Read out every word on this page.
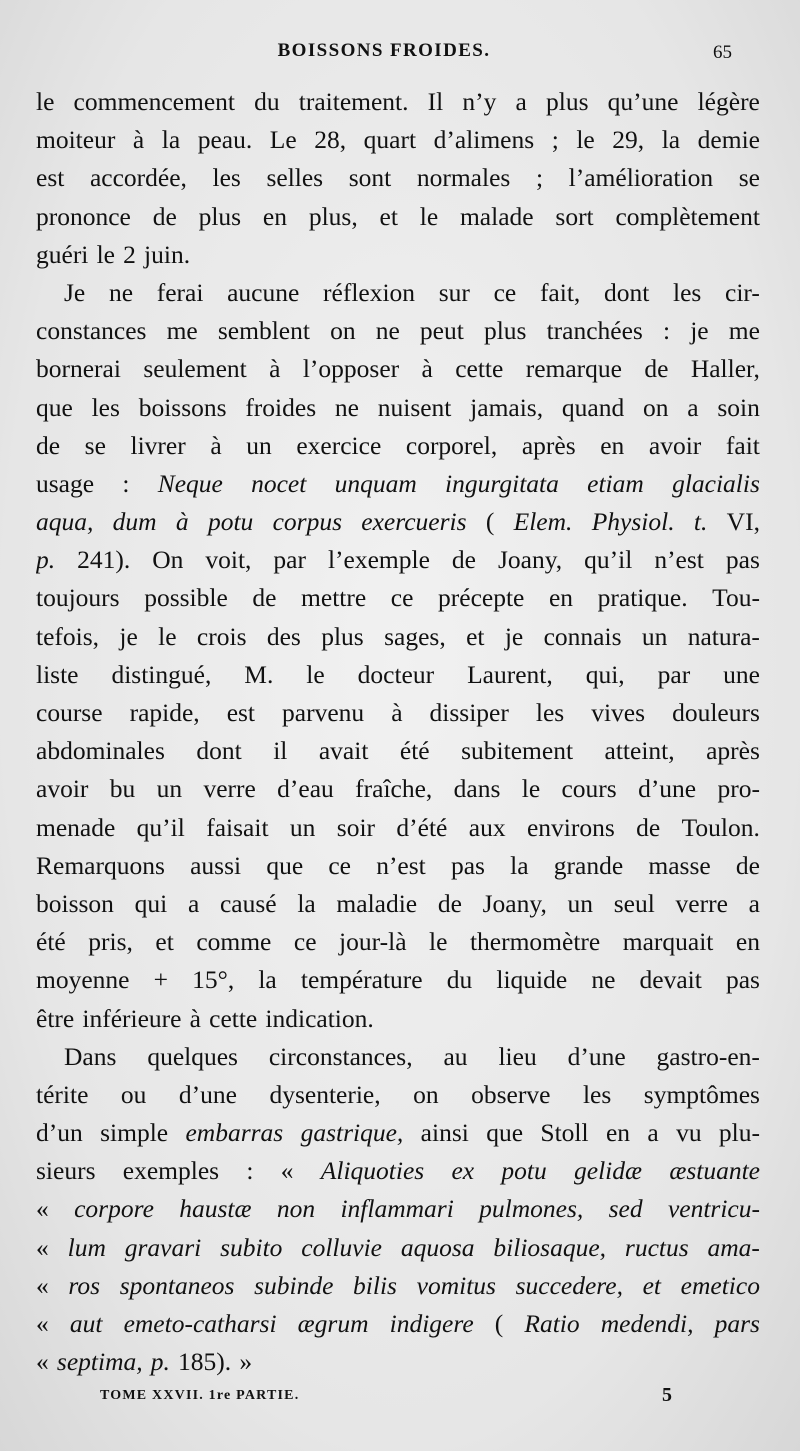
BOISSONS FROIDES.	65
le commencement du traitement. Il n’y a plus qu’une légère
moiteur à la peau. Le 28, quart d’alimens ; le 29, la demie
est accordée, les selles sont normales ; l’amélioration se
prononce de plus en plus, et le malade sort complètement
guéri le 2 juin.
Je ne ferai aucune réflexion sur ce fait, dont les cir-
constances me semblent on ne peut plus tranchées : je me
bornerai seulement à l’opposer à cette remarque de Haller,
que les boissons froides ne nuisent jamais, quand on a soin
de se livrer à un exercice corporel, après en avoir fait
usage : Neque nocet unquam ingurgitata etiam glacialis
aqua, dum à potu corpus exercueris ( Elem. Physiol. t. VI,
p. 241). On voit, par l’exemple de Joany, qu’il n’est pas
toujours possible de mettre ce précepte en pratique. Tou-
tefois, je le crois des plus sages, et je connais un natura-
liste distingué, M. le docteur Laurent, qui, par une
course rapide, est parvenu à dissiper les vives douleurs
abdominales dont il avait été subitement atteint, après
avoir bu un verre d’eau fraîche, dans le cours d’une pro-
menade qu’il faisait un soir d’été aux environs de Toulon.
Remarquons aussi que ce n’est pas la grande masse de
boisson qui a causé la maladie de Joany, un seul verre a
été pris, et comme ce jour-là le thermomètre marquait en
moyenne + 15°, la température du liquide ne devait pas
être inférieure à cette indication.
Dans quelques circonstances, au lieu d’une gastro-en-
térite ou d’une dysenterie, on observe les symptômes
d’un simple embarras gastrique, ainsi que Stoll en a vu plu-
sieurs exemples : « Aliquoties ex potu gelidæ æstuante
« corpore haustæ non inflammari pulmones, sed ventricu-
« lum gravari subito colluvie aquosa biliosaque, ructus ama-
« ros spontaneos subinde bilis vomitus succedere, et emetico
« aut emeto-catharsi ægrum indigere ( Ratio medendi, pars
« septima, p. 185). »
TOME XXVII. 1re PARTIE.	5
